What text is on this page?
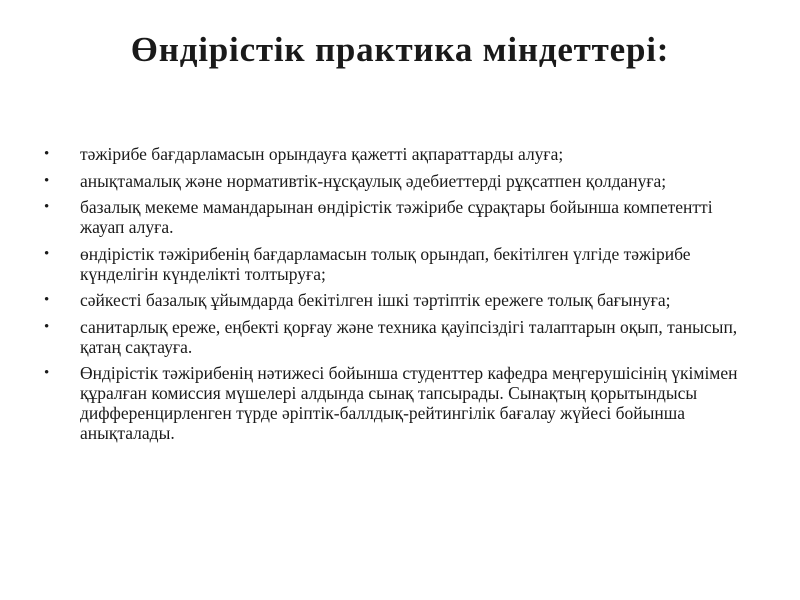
Өндірістік практика міндеттері:
•	тәжірибе бағдарламасын орындауға қажетті ақпараттарды алуға;
•	анықтамалық және нормативтік-нұсқаулық әдебиеттерді рұқсатпен қолдануға;
•	базалық мекеме мамандарынан өндірістік тәжірибе сұрақтары бойынша компетентті жауап алуға.
•	өндірістік тәжірибенің бағдарламасын толық орындап, бекітілген үлгіде тәжірибе күнделігін күнделікті толтыруға;
•	сәйкесті базалық ұйымдарда бекітілген ішкі тәртіптік ережеге толық бағынуға;
•	санитарлық ереже, еңбекті қорғау және техника қауіпсіздігі талаптарын оқып, танысып, қатаң сақтауға.
•	Өндірістік тәжірибенің нәтижесі бойынша студенттер кафедра меңгерушісінің үкімімен құралған комиссия мүшелері алдында сынақ тапсырады. Сынақтың қорытындысы дифференцирленген түрде әріптік-баллдық-рейтингілік бағалау жүйесі бойынша анықталады.
